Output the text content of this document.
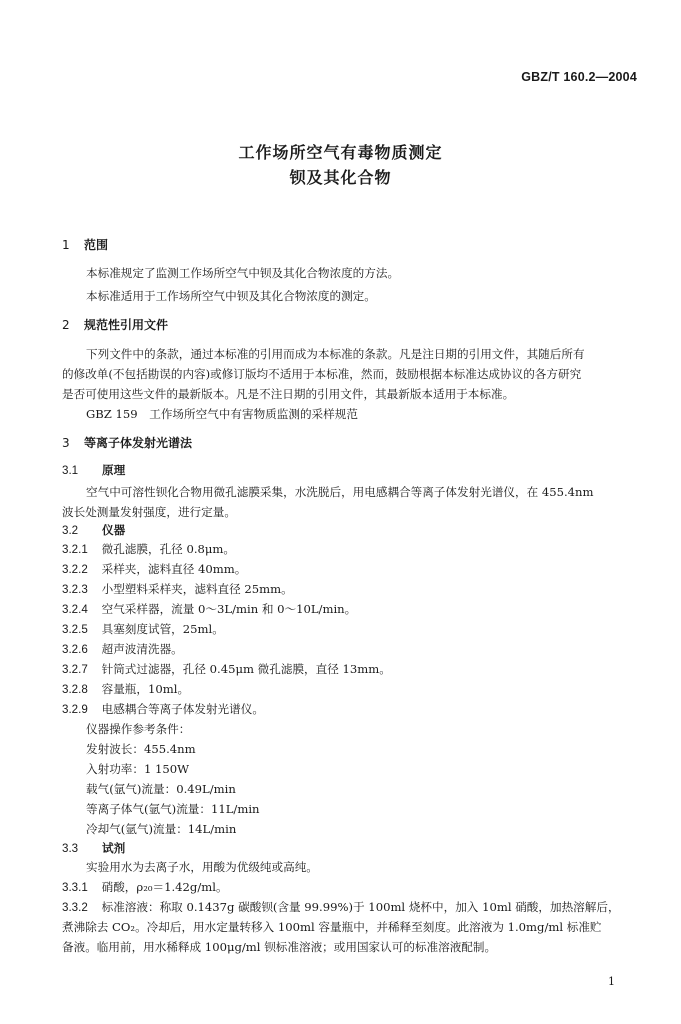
GBZ/T 160.2—2004
工作场所空气有毒物质测定
钡及其化合物
1 范围
本标准规定了监测工作场所空气中钡及其化合物浓度的方法。
本标准适用于工作场所空气中钡及其化合物浓度的测定。
2 规范性引用文件
下列文件中的条款，通过本标准的引用而成为本标准的条款。凡是注日期的引用文件，其随后所有
的修改单(不包括勘误的内容)或修订版均不适用于本标准，然而，鼓励根据本标准达成协议的各方研究
是否可使用这些文件的最新版本。凡是不注日期的引用文件，其最新版本适用于本标准。
GBZ 159　工作场所空气中有害物质监测的采样规范
3 等离子体发射光谱法
3.1 原理
空气中可溶性钡化合物用微孔滤膜采集，水洗脱后，用电感耦合等离子体发射光谱仪，在 455.4nm
波长处测量发射强度，进行定量。
3.2 仪器
3.2.1　 微孔滤膜，孔径 0.8μm。
3.2.2　 采样夹，滤料直径 40mm。
3.2.3　 小型塑料采样夹，滤料直径 25mm。
3.2.4　 空气采样器，流量 0～3L/min 和 0～10L/min。
3.2.5　 具塞刻度试管，25ml。
3.2.6　 超声波清洗器。
3.2.7　 针筒式过滤器，孔径 0.45μm 微孔滤膜，直径 13mm。
3.2.8　 容量瓶，10ml。
3.2.9　 电感耦合等离子体发射光谱仪。
仪器操作参考条件：
发射波长：455.4nm
入射功率：1 150W
载气(氩气)流量：0.49L/min
等离子体气(氩气)流量：11L/min
冷却气(氩气)流量：14L/min
3.3 试剂
实验用水为去离子水，用酸为优级纯或高纯。
3.3.1　 硝酸，ρ₂₀＝1.42g/ml。
3.3.2　 标准溶液：称取 0.1437g 碳酸钡(含量 99.99%)于 100ml 烧杯中，加入 10ml 硝酸，加热溶解后，
煮沸除去 CO₂。冷却后，用水定量转移入 100ml 容量瓶中，并稀释至刻度。此溶液为 1.0mg/ml 标准贮
备液。临用前，用水稀释成 100μg/ml 钡标准溶液；或用国家认可的标准溶液配制。
1
